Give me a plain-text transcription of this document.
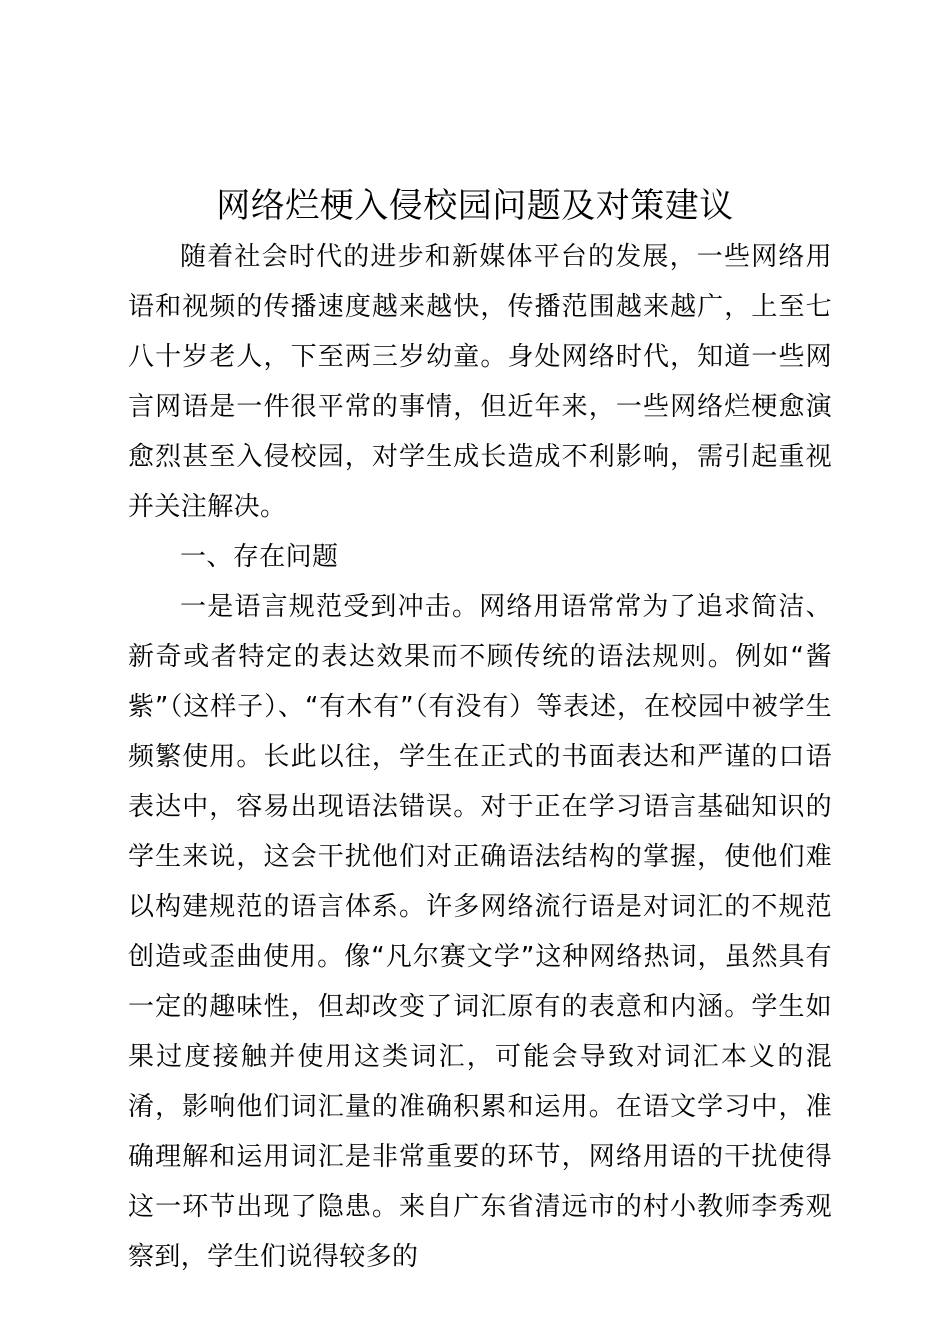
网络烂梗入侵校园问题及对策建议

随着社会时代的进步和新媒体平台的发展，一些网络用语和视频的传播速度越来越快，传播范围越来越广，上至七八十岁老人，下至两三岁幼童。身处网络时代，知道一些网言网语是一件很平常的事情，但近年来，一些网络烂梗愈演愈烈甚至入侵校园，对学生成长造成不利影响，需引起重视并关注解决。

一、存在问题

一是语言规范受到冲击。网络用语常常为了追求简洁、新奇或者特定的表达效果而不顾传统的语法规则。例如“酱紫”（这样子）、“有木有”（有没有）等表述，在校园中被学生频繁使用。长此以往，学生在正式的书面表达和严谨的口语表达中，容易出现语法错误。对于正在学习语言基础知识的学生来说，这会干扰他们对正确语法结构的掌握，使他们难以构建规范的语言体系。许多网络流行语是对词汇的不规范创造或歪曲使用。像“凡尔赛文学”这种网络热词，虽然具有一定的趣味性，但却改变了词汇原有的表意和内涵。学生如果过度接触并使用这类词汇，可能会导致对词汇本义的混淆，影响他们词汇量的准确积累和运用。在语文学习中，准确理解和运用词汇是非常重要的环节，网络用语的干扰使得这一环节出现了隐患。来自广东省清远市的村小教师李秀观察到，学生们说得较多的
